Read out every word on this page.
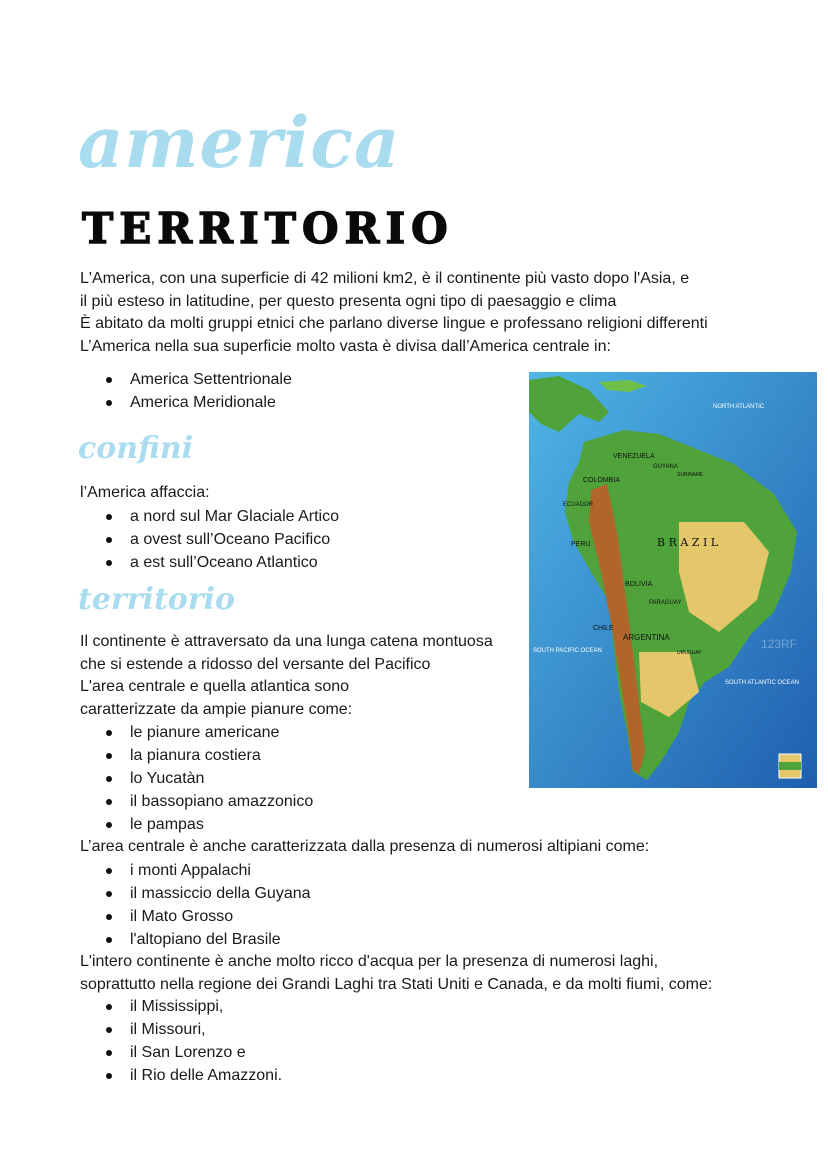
america
TERRITORIO

L'America, con una superficie di 42 milioni km2, è il continente più vasto dopo l'Asia, e
il più esteso in latitudine, per questo presenta ogni tipo di paesaggio e clima
È abitato da molti gruppi etnici che parlano diverse lingue e professano religioni differenti
L’America nella sua superficie molto vasta è divisa dall’America centrale in:

America Settentrionale
America Meridionale
confini

l’America affaccia:

a nord sul Mar Glaciale Artico
a ovest sull’Oceano Pacifico
a est sull’Oceano Atlantico
territorio

Il continente è attraversato da una lunga catena montuosa
che si estende a ridosso del versante del Pacifico
L'area centrale e quella atlantica sono
caratterizzate da ampie pianure come:

le pianure americane
la pianura costiera
lo Yucatàn
il bassopiano amazzonico
le pampas

L’area centrale è anche caratterizzata dalla presenza di numerosi altipiani come:

i monti Appalachi
il massiccio della Guyana
il Mato Grosso
l'altopiano del Brasile

L'intero continente è anche molto ricco d'acqua per la presenza di numerosi laghi,
soprattutto nella regione dei Grandi Laghi tra Stati Uniti e Canada, e da molti fiumi, come:

il Mississippi,
il Missouri,
il San Lorenzo e
il Rio delle Amazzoni.
VENEZUELA
COLOMBIA
GUYANA
SURINAME
ECUADOR
PERU	B R A Z I L
BOLIVIA
PARAGUAY
CHILE
ARGENTINA
URUGUAY
NORTH ATLANTIC
SOUTH ATLANTIC OCEAN
SOUTH PACIFIC OCEAN	123RF
